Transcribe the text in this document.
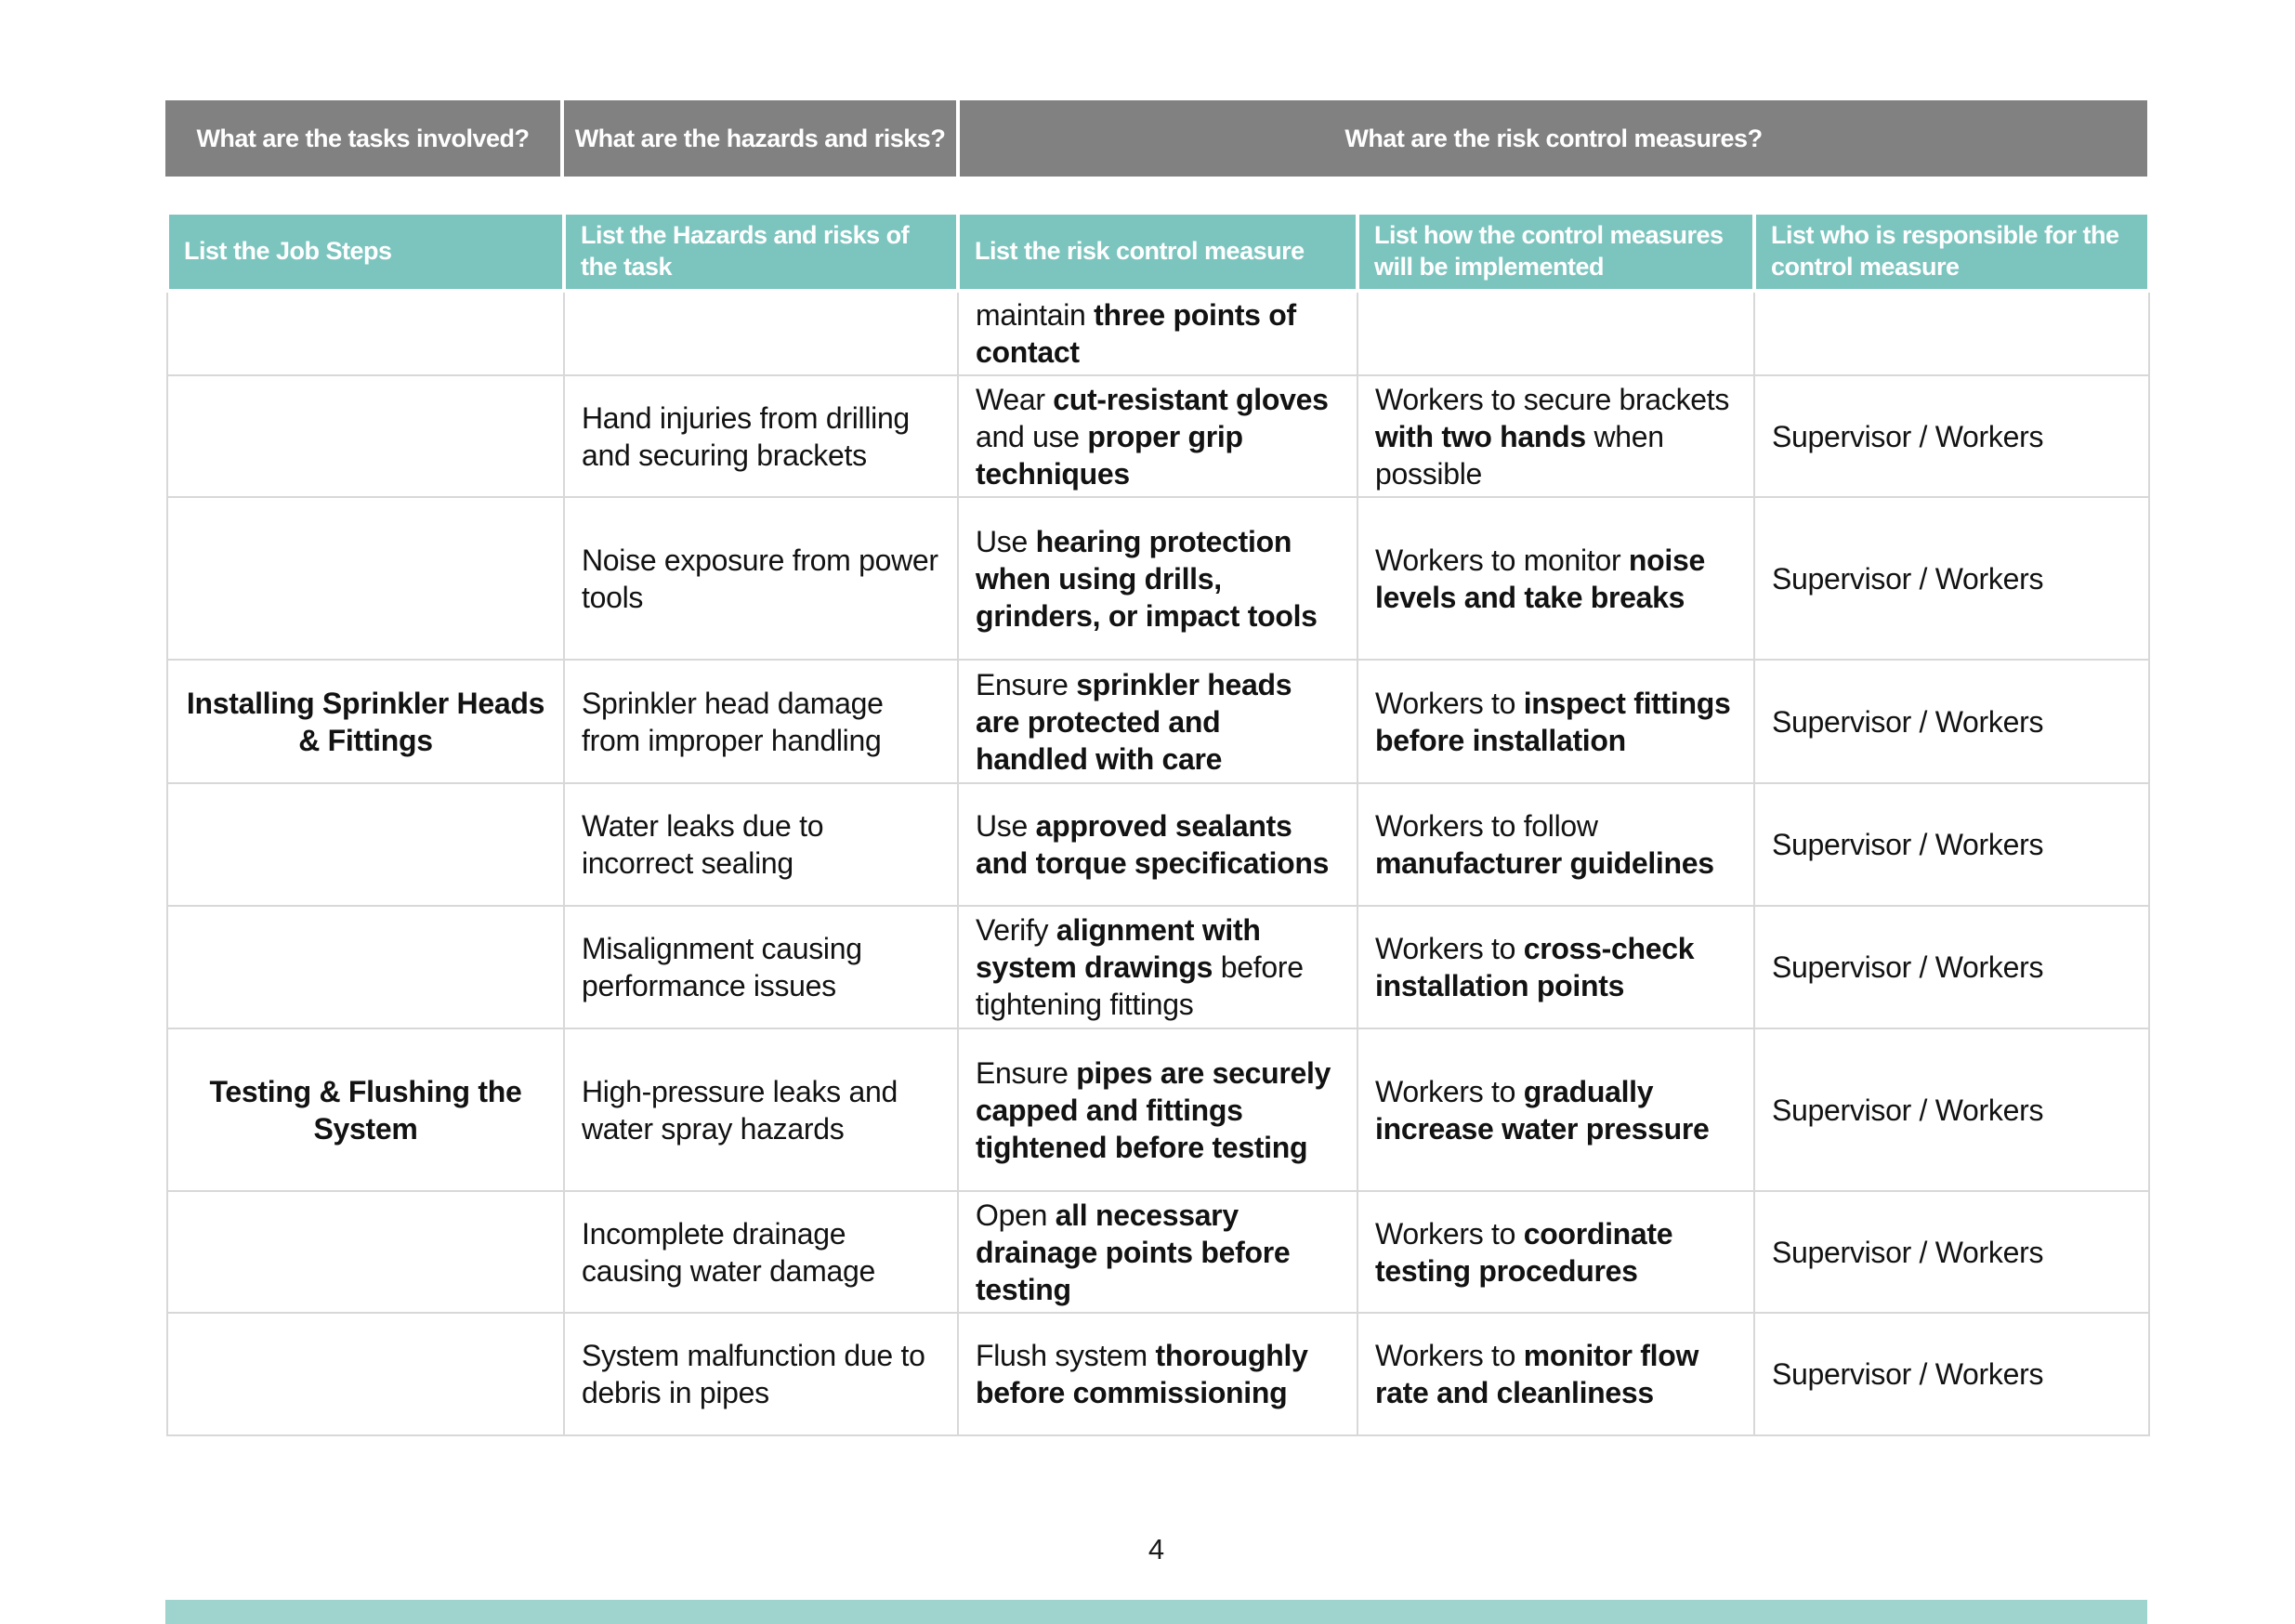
What are the tasks involved?	What are the hazards and risks?	What are the risk control measures?
List the Job Steps	List the Hazards and risks of the task	List the risk control measure	List how the control measures will be implemented	List who is responsible for the control measure
		maintain three points of contact		
	Hand injuries from drilling and securing brackets	Wear cut-resistant gloves and use proper grip techniques	Workers to secure brackets with two hands when possible	Supervisor / Workers
	Noise exposure from power tools	Use hearing protection when using drills, grinders, or impact tools	Workers to monitor noise levels and take breaks	Supervisor / Workers
Installing Sprinkler Heads & Fittings	Sprinkler head damage from improper handling	Ensure sprinkler heads are protected and handled with care	Workers to inspect fittings before installation	Supervisor / Workers
	Water leaks due to incorrect sealing	Use approved sealants and torque specifications	Workers to follow manufacturer guidelines	Supervisor / Workers
	Misalignment causing performance issues	Verify alignment with system drawings before tightening fittings	Workers to cross-check installation points	Supervisor / Workers
Testing & Flushing the System	High-pressure leaks and water spray hazards	Ensure pipes are securely capped and fittings tightened before testing	Workers to gradually increase water pressure	Supervisor / Workers
	Incomplete drainage causing water damage	Open all necessary drainage points before testing	Workers to coordinate testing procedures	Supervisor / Workers
	System malfunction due to debris in pipes	Flush system thoroughly before commissioning	Workers to monitor flow rate and cleanliness	Supervisor / Workers
4
